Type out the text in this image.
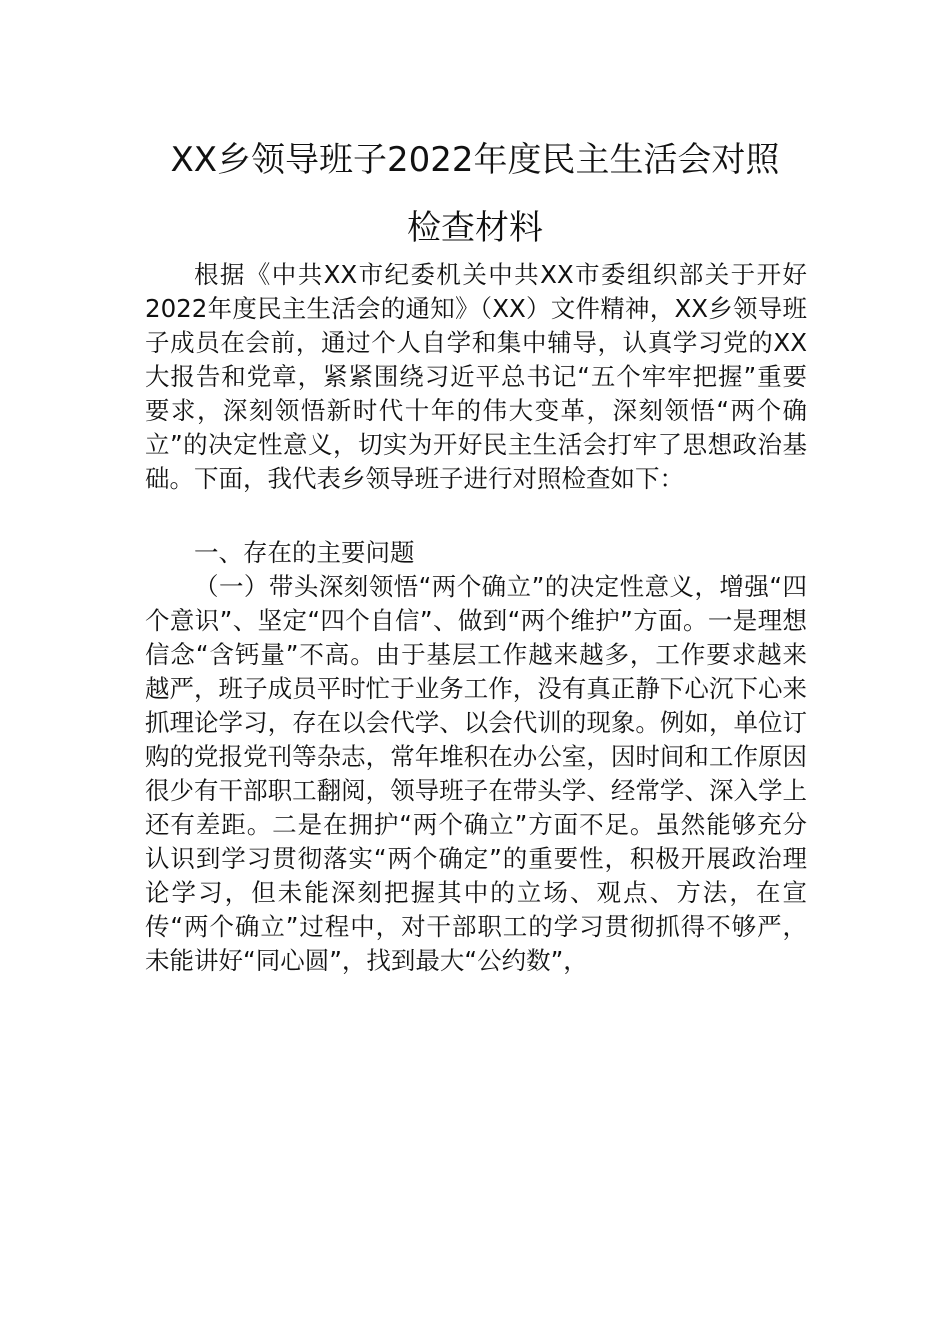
XX乡领导班子2022年度民主生活会对照
检查材料

根据《中共XX市纪委机关中共XX市委组织部关于开好2022年度民主生活会的通知》（XX）文件精神，XX乡领导班子成员在会前，通过个人自学和集中辅导，认真学习党的XX大报告和党章，紧紧围绕习近平总书记“五个牢牢把握”重要要求，深刻领悟新时代十年的伟大变革，深刻领悟“两个确立”的决定性意义，切实为开好民主生活会打牢了思想政治基础。下面，我代表乡领导班子进行对照检查如下：

一、存在的主要问题

（一）带头深刻领悟“两个确立”的决定性意义，增强“四个意识”、坚定“四个自信”、做到“两个维护”方面。一是理想信念“含钙量”不高。由于基层工作越来越多，工作要求越来越严，班子成员平时忙于业务工作，没有真正静下心沉下心来抓理论学习，存在以会代学、以会代训的现象。例如，单位订购的党报党刊等杂志，常年堆积在办公室，因时间和工作原因很少有干部职工翻阅，领导班子在带头学、经常学、深入学上还有差距。二是在拥护“两个确立”方面不足。虽然能够充分认识到学习贯彻落实“两个确定”的重要性，积极开展政治理论学习，但未能深刻把握其中的立场、观点、方法，在宣传“两个确立”过程中，对干部职工的学习贯彻抓得不够严，未能讲好“同心圆”，找到最大“公约数”，
